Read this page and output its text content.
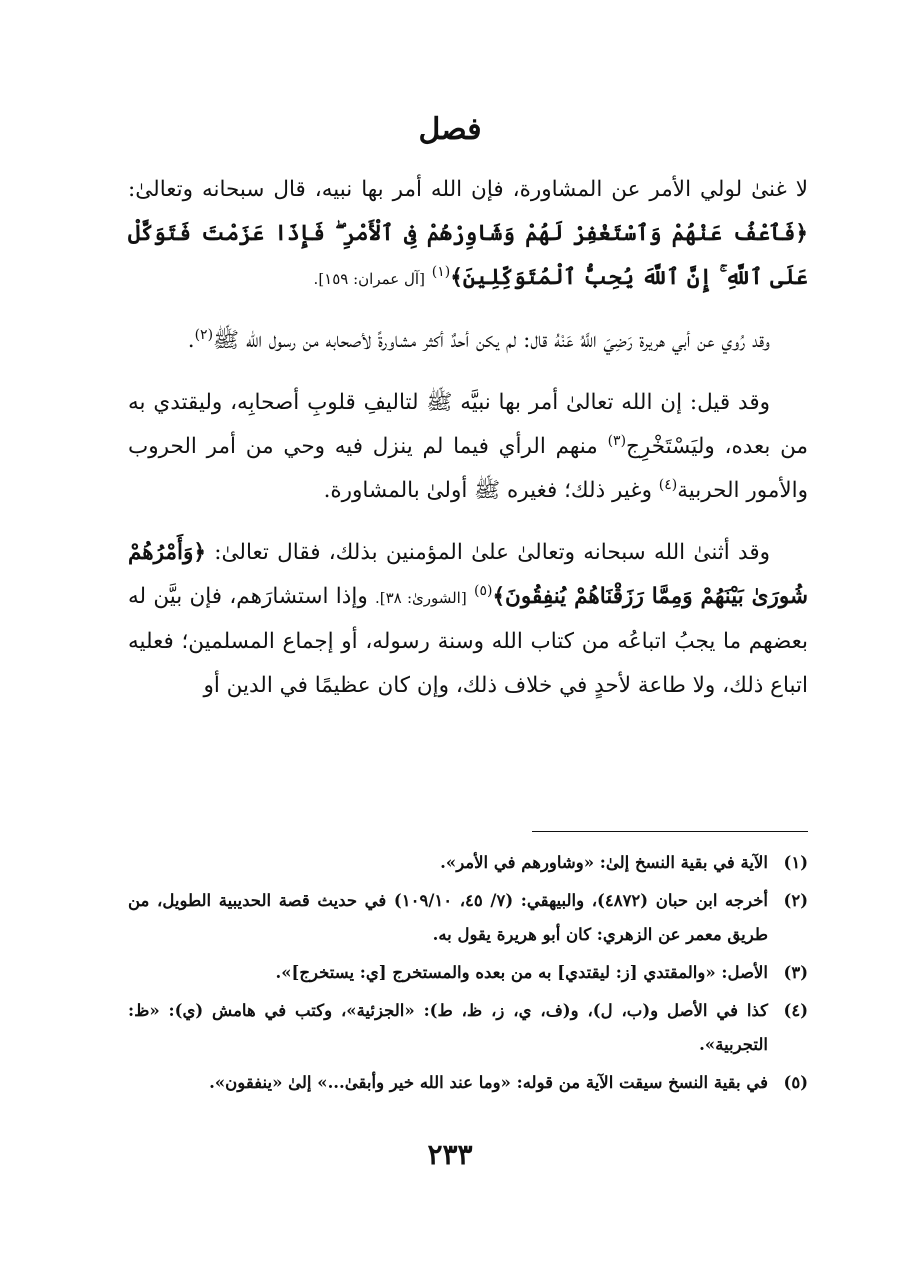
فصل

لا غنىٰ لولي الأمر عن المشاورة، فإن الله أمر بها نبيه، قال سبحانه وتعالىٰ: ﴿فَٱعْفُ عَنْهُمْ وَٱسْتَغْفِرْ لَهُمْ وَشَاوِرْهُمْ فِى ٱلْأَمْرِ ۖ فَإِذَا عَزَمْتَ فَتَوَكَّلْ عَلَى ٱللَّهِ ۚ إِنَّ ٱللَّهَ يُحِبُّ ٱلْمُتَوَكِّلِينَ﴾$^{(١)}$ [آل عمران: ١٥٩].

وقد رُوي عن أبي هريرة رَضِيَ اللَّهُ عَنْهُ قال: لم يكن أحدٌ أكثر مشاورةً لأصحابه من رسول الله ﷺ$^{(٢)}$.

وقد قيل: إن الله تعالىٰ أمر بها نبيَّه ﷺ لتاليفِ قلوبِ أصحابِه، وليقتدي به من بعده، وليَسْتَخْرِج$^{(٣)}$ منهم الرأي فيما لم ينزل فيه وحي من أمر الحروب والأمور الحربية$^{(٤)}$ وغير ذلك؛ فغيره ﷺ أولىٰ بالمشاورة.

وقد أثنىٰ الله سبحانه وتعالىٰ علىٰ المؤمنين بذلك، فقال تعالىٰ: ﴿وَأَمْرُهُمْ شُورَىٰ بَيْنَهُمْ وَمِمَّا رَزَقْنَاهُمْ يُنفِقُونَ﴾$^{(٥)}$ [الشورىٰ: ٣٨]. وإذا استشارَهم، فإن بيَّن له بعضهم ما يجبُ اتباعُه من كتاب الله وسنة رسوله، أو إجماع المسلمين؛ فعليه اتباع ذلك، ولا طاعة لأحدٍ في خلاف ذلك، وإن كان عظيمًا في الدين أو

(١)
الآية في بقية النسخ إلىٰ: «وشاورهم في الأمر».
(٢)
أخرجه ابن حبان (٤٨٧٢)، والبيهقي: (٧/ ٤٥، ١٠٩/١٠) في حديث قصة الحديبية الطويل، من طريق معمر عن الزهري: كان أبو هريرة يقول به.
(٣)
الأصل: «والمقتدي [ز: ليقتدي] به من بعده والمستخرج [ي: يستخرج]».
(٤)
كذا في الأصل و(ب، ل)، و(ف، ي، ز، ظ، ط): «الجزئية»، وكتب في هامش (ي): «ظ: التجربية».
(٥)
في بقية النسخ سيقت الآية من قوله: «وما عند الله خير وأبقىٰ...» إلىٰ «ينفقون».
٢٣٣
